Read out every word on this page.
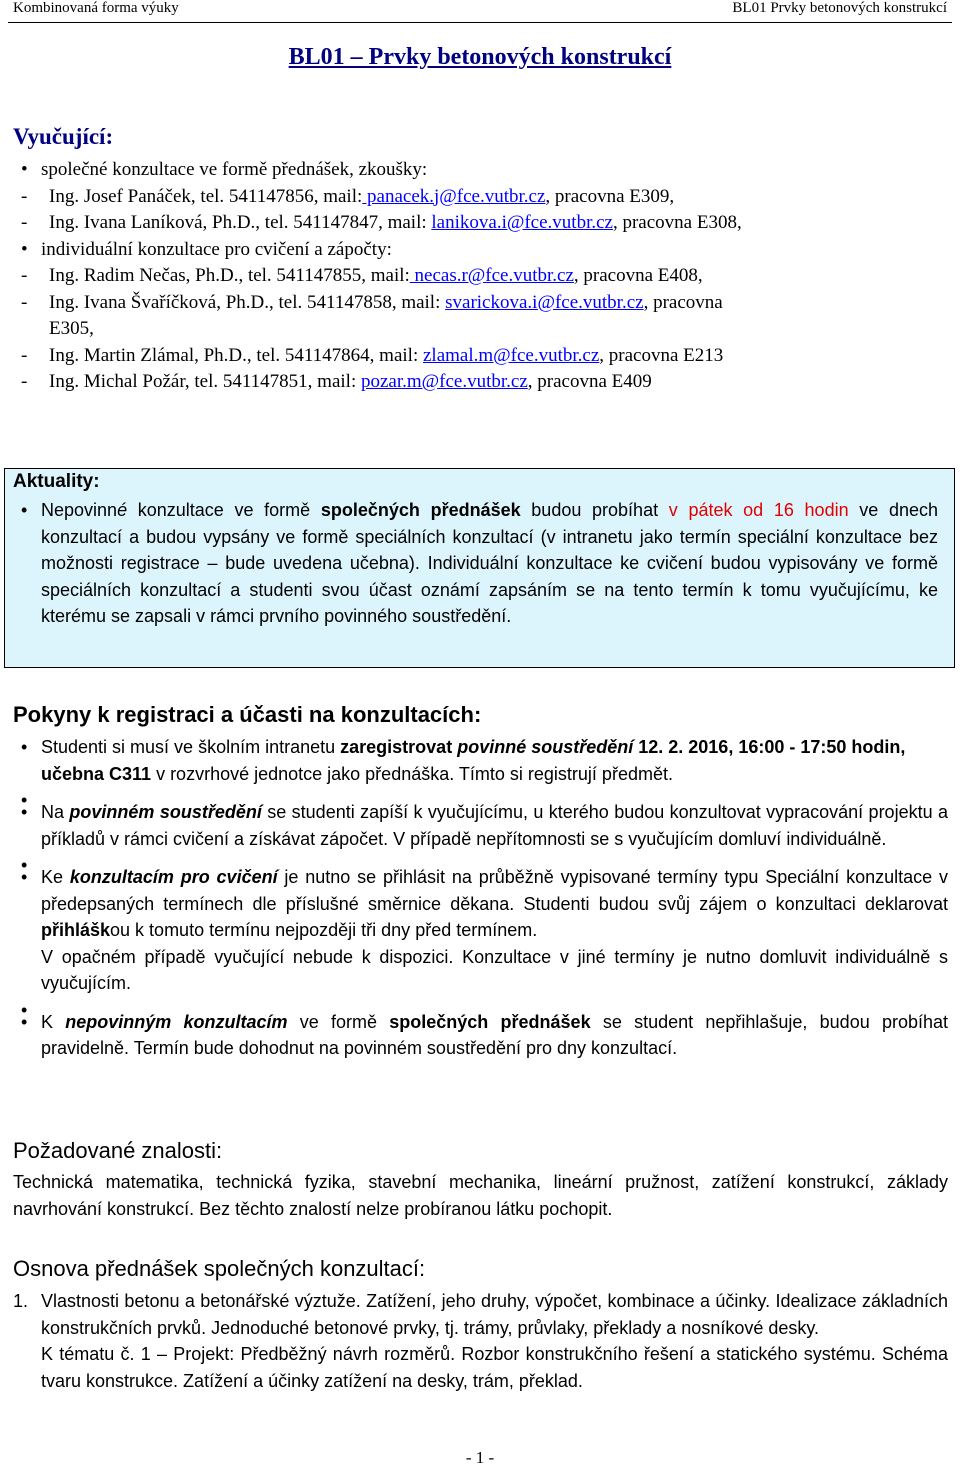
Kombinovaná forma výuky	BL01 Prvky betonových konstrukcí
BL01 – Prvky betonových konstrukcí
Vyučující:
• společné konzultace ve formě přednášek, zkoušky:
- Ing. Josef Panáček, tel. 541147856, mail: panacek.j@fce.vutbr.cz, pracovna E309,
- Ing. Ivana Laníková, Ph.D., tel. 541147847, mail: lanikova.i@fce.vutbr.cz, pracovna E308,
• individuální konzultace pro cvičení a zápočty:
- Ing. Radim Nečas, Ph.D., tel. 541147855, mail: necas.r@fce.vutbr.cz, pracovna E408,
- Ing. Ivana Švaříčková, Ph.D., tel. 541147858, mail: svarickova.i@fce.vutbr.cz, pracovna E305,
- Ing. Martin Zlámal, Ph.D., tel. 541147864, mail: zlamal.m@fce.vutbr.cz, pracovna E213
- Ing. Michal Požár, tel. 541147851, mail: pozar.m@fce.vutbr.cz, pracovna E409
Aktuality:
• Nepovinné konzultace ve formě společných přednášek budou probíhat v pátek od 16 hodin ve dnech konzultací a budou vypsány ve formě speciálních konzultací (v intranetu jako termín speciální konzultace bez možnosti registrace – bude uvedena učebna). Individuální konzultace ke cvičení budou vypisovány ve formě speciálních konzultací a studenti svou účast oznámí zapsáním se na tento termín k tomu vyučujícímu, ke kterému se zapsali v rámci prvního povinného soustředění.
Pokyny k registraci a účasti na konzultacích:
• Studenti si musí ve školním intranetu zaregistrovat povinné soustředění 12. 2. 2016, 16:00 - 17:50 hodin, učebna C311 v rozvrhové jednotce jako přednáška. Tímto si registrují předmět.
•
• Na povinném soustředění se studenti zapíší k vyučujícímu, u kterého budou konzultovat vypracování projektu a příkladů v rámci cvičení a získávat zápočet. V případě nepřítomnosti se s vyučujícím domluví individuálně.
•
• Ke konzultacím pro cvičení je nutno se přihlásit na průběžně vypisované termíny typu Speciální konzultace v předepsaných termínech dle příslušné směrnice děkana. Studenti budou svůj zájem o konzultaci deklarovat přihláškou k tomuto termínu nejpozději tři dny před termínem.
V opačném případě vyučující nebude k dispozici. Konzultace v jiné termíny je nutno domluvit individuálně s vyučujícím.
•
• K nepovinným konzultacím ve formě společných přednášek se student nepřihlašuje, budou probíhat pravidelně. Termín bude dohodnut na povinném soustředění pro dny konzultací.
Požadované znalosti:
Technická matematika, technická fyzika, stavební mechanika, lineární pružnost, zatížení konstrukcí, základy navrhování konstrukcí. Bez těchto znalostí nelze probíranou látku pochopit.
Osnova přednášek společných konzultací:
1. Vlastnosti betonu a betonářské výztuže. Zatížení, jeho druhy, výpočet, kombinace a účinky. Idealizace základních konstrukčních prvků. Jednoduché betonové prvky, tj. trámy, průvlaky, překlady a nosníkové desky.
K tématu č. 1 – Projekt: Předběžný návrh rozměrů. Rozbor konstrukčního řešení a statického systému. Schéma tvaru konstrukce. Zatížení a účinky zatížení na desky, trám, překlad.
- 1 -
